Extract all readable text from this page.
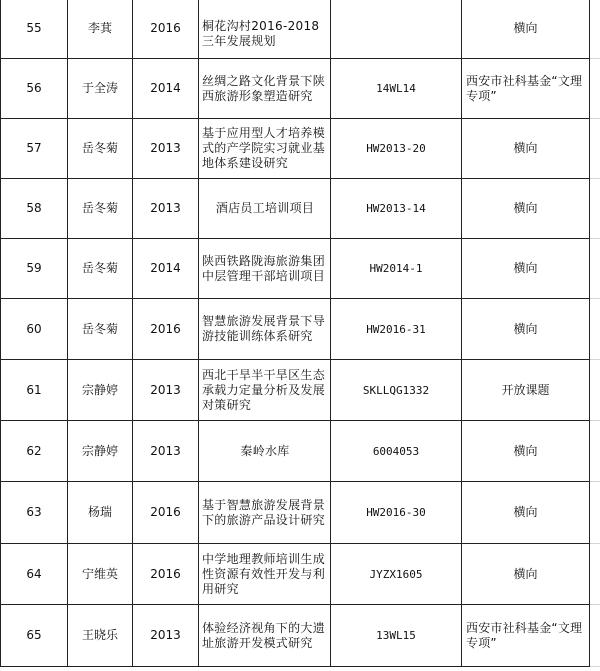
55	李萁	2016	桐花沟村2016-2018三年发展规划		横向	
56	于全涛	2014	丝绸之路文化背景下陕西旅游形象塑造研究	14WL14	西安市社科基金“文理专项”	
57	岳冬菊	2013	基于应用型人才培养模式的产学院实习就业基地体系建设研究	HW2013-20	横向	
58	岳冬菊	2013	酒店员工培训项目	HW2013-14	横向	
59	岳冬菊	2014	陕西铁路陇海旅游集团中层管理干部培训项目	HW2014-1	横向	
60	岳冬菊	2016	智慧旅游发展背景下导游技能训练体系研究	HW2016-31	横向	
61	宗静婷	2013	西北干旱半干旱区生态承载力定量分析及发展对策研究	SKLLQG1332	开放课题	
62	宗静婷	2013	秦岭水库	6004053	横向	
63	杨瑞	2016	基于智慧旅游发展背景下的旅游产品设计研究	HW2016-30	横向	
64	宁维英	2016	中学地理教师培训生成性资源有效性开发与利用研究	JYZX1605	横向	
65	王晓乐	2013	体验经济视角下的大遗址旅游开发模式研究	13WL15	西安市社科基金“文理专项”	
